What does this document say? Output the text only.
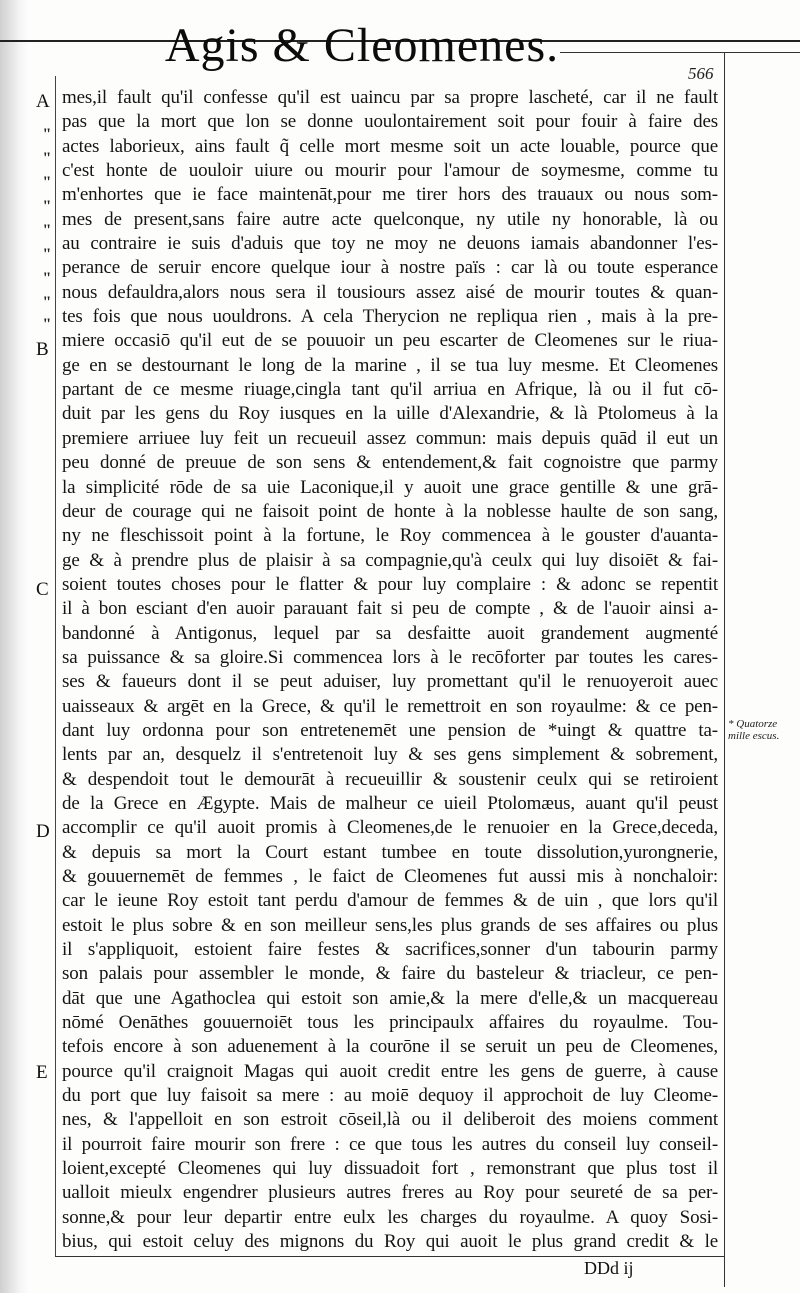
Agis & Cleomenes.
566
A
B
C
D
E
"
"
"
"
"
"
"
"
"
* Quatorze mille escus.
mes,il fault qu'il confesse qu'il est uaincu par sa propre lascheté, car il ne fault
pas que la mort que lon se donne uoulontairement soit pour fouir à faire des
actes laborieux, ains fault q̃ celle mort mesme soit un acte louable, pource que
c'est honte de uouloir uiure ou mourir pour l'amour de soymesme, comme tu
m'enhortes que ie face maintenāt,pour me tirer hors des trauaux ou nous som-
mes de present,sans faire autre acte quelconque, ny utile ny honorable, là ou
au contraire ie suis d'aduis que toy ne moy ne deuons iamais abandonner l'es-
perance de seruir encore quelque iour à nostre païs : car là ou toute esperance
nous defauldra,alors nous sera il tousiours assez aisé de mourir toutes & quan-
tes fois que nous uouldrons. A cela Therycion ne repliqua rien , mais à la pre-
miere occasiō qu'il eut de se pouuoir un peu escarter de Cleomenes sur le riua-
ge en se destournant le long de la marine , il se tua luy mesme. Et Cleomenes
partant de ce mesme riuage,cingla tant qu'il arriua en Afrique, là ou il fut cō-
duit par les gens du Roy iusques en la uille d'Alexandrie, & là Ptolomeus à la
premiere arriuee luy feit un recueuil assez commun: mais depuis quād il eut un
peu donné de preuue de son sens & entendement,& fait cognoistre que parmy
la simplicité rōde de sa uie Laconique,il y auoit une grace gentille & une grā-
deur de courage qui ne faisoit point de honte à la noblesse haulte de son sang,
ny ne fleschissoit point à la fortune, le Roy commencea à le gouster d'auanta-
ge & à prendre plus de plaisir à sa compagnie,qu'à ceulx qui luy disoiēt & fai-
soient toutes choses pour le flatter & pour luy complaire : & adonc se repentit
il à bon esciant d'en auoir parauant fait si peu de compte , & de l'auoir ainsi a-
bandonné à Antigonus, lequel par sa desfaitte auoit grandement augmenté
sa puissance & sa gloire.Si commencea lors à le recōforter par toutes les cares-
ses & faueurs dont il se peut aduiser, luy promettant qu'il le renuoyeroit auec
uaisseaux & argēt en la Grece, & qu'il le remettroit en son royaulme: & ce pen-
dant luy ordonna pour son entretenemēt une pension de *uingt & quattre ta-
lents par an, desquelz il s'entretenoit luy & ses gens simplement & sobrement,
& despendoit tout le demourāt à recueuillir & soustenir ceulx qui se retiroient
de la Grece en Ægypte. Mais de malheur ce uieil Ptolomæus, auant qu'il peust
accomplir ce qu'il auoit promis à Cleomenes,de le renuoier en la Grece,deceda,
& depuis sa mort la Court estant tumbee en toute dissolution,yurongnerie,
& gouuernemēt de femmes , le faict de Cleomenes fut aussi mis à nonchaloir:
car le ieune Roy estoit tant perdu d'amour de femmes & de uin , que lors qu'il
estoit le plus sobre & en son meilleur sens,les plus grands de ses affaires ou plus
il s'appliquoit, estoient faire festes & sacrifices,sonner d'un tabourin parmy
son palais pour assembler le monde, & faire du basteleur & triacleur, ce pen-
dāt que une Agathoclea qui estoit son amie,& la mere d'elle,& un macquereau
nōmé Oenāthes gouuernoiēt tous les principaulx affaires du royaulme. Tou-
tefois encore à son aduenement à la courōne il se seruit un peu de Cleomenes,
pource qu'il craignoit Magas qui auoit credit entre les gens de guerre, à cause
du port que luy faisoit sa mere : au moiē dequoy il approchoit de luy Cleome-
nes, & l'appelloit en son estroit cōseil,là ou il deliberoit des moiens comment
il pourroit faire mourir son frere : ce que tous les autres du conseil luy conseil-
loient,excepté Cleomenes qui luy dissuadoit fort , remonstrant que plus tost il
ualloit mieulx engendrer plusieurs autres freres au Roy pour seureté de sa per-
sonne,& pour leur departir entre eulx les charges du royaulme. A quoy Sosi-
bius, qui estoit celuy des mignons du Roy qui auoit le plus grand credit & le
DDd ij
